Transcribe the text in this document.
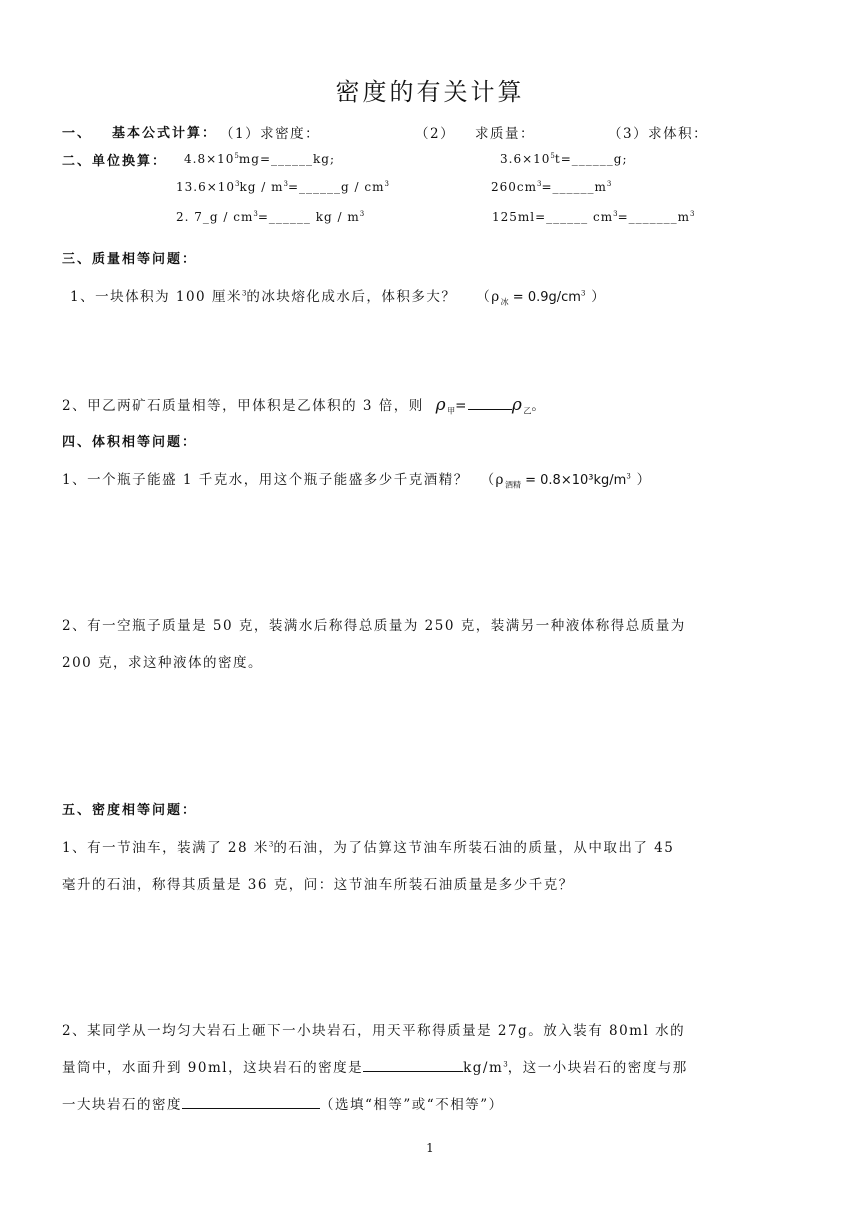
密度的有关计算
一、 基本公式计算： （1）求密度：	（2） 求质量：	（3）求体积：
二、单位换算： $4.8\times 10^5mg=\_\_\_\_\_\_kg$;	$3.6\times 10^5t=\_\_\_\_\_\_g$;
$13.6\times 10^3kg$ / $m^3=\_\_\_\_\_\_g / cm^3$	$260cm^3=\_\_\_\_\_\_m^3$
2. 7_g / $cm^3=\_\_\_\_\_\_$ kg / $m^3$	125ml=______ $cm^3=\_\_\_\_\_\_\_m^3$
三、质量相等问题：
1、一块体积为 100 厘米$^3$的冰块熔化成水后，体积多大？ （$\rho_冰 = 0.9g/cm^3$ ）
2、甲乙两矿石质量相等，甲体积是乙体积的 3 倍，则 $\rho_甲=$	$\rho_乙$。
四、体积相等问题：
1、一个瓶子能盛 1 千克水，用这个瓶子能盛多少千克酒精？ （$\rho_{酒精} = 0.8\times 10^3kg/m^3$ ）
2、有一空瓶子质量是 50 克，装满水后称得总质量为 250 克，装满另一种液体称得总质量为
200 克，求这种液体的密度。
五、密度相等问题：
1、有一节油车，装满了 28 米$^3$的石油，为了估算这节油车所装石油的质量，从中取出了 45
毫升的石油，称得其质量是 36 克，问：这节油车所装石油质量是多少千克？
2、某同学从一均匀大岩石上砸下一小块岩石，用天平称得质量是 27g。放入装有 80ml 水的
量筒中，水面升到 90ml，这块岩石的密度是	$kg/m^3$，这一小块岩石的密度与那
一大块岩石的密度	（选填“相等”或“不相等”）
1
